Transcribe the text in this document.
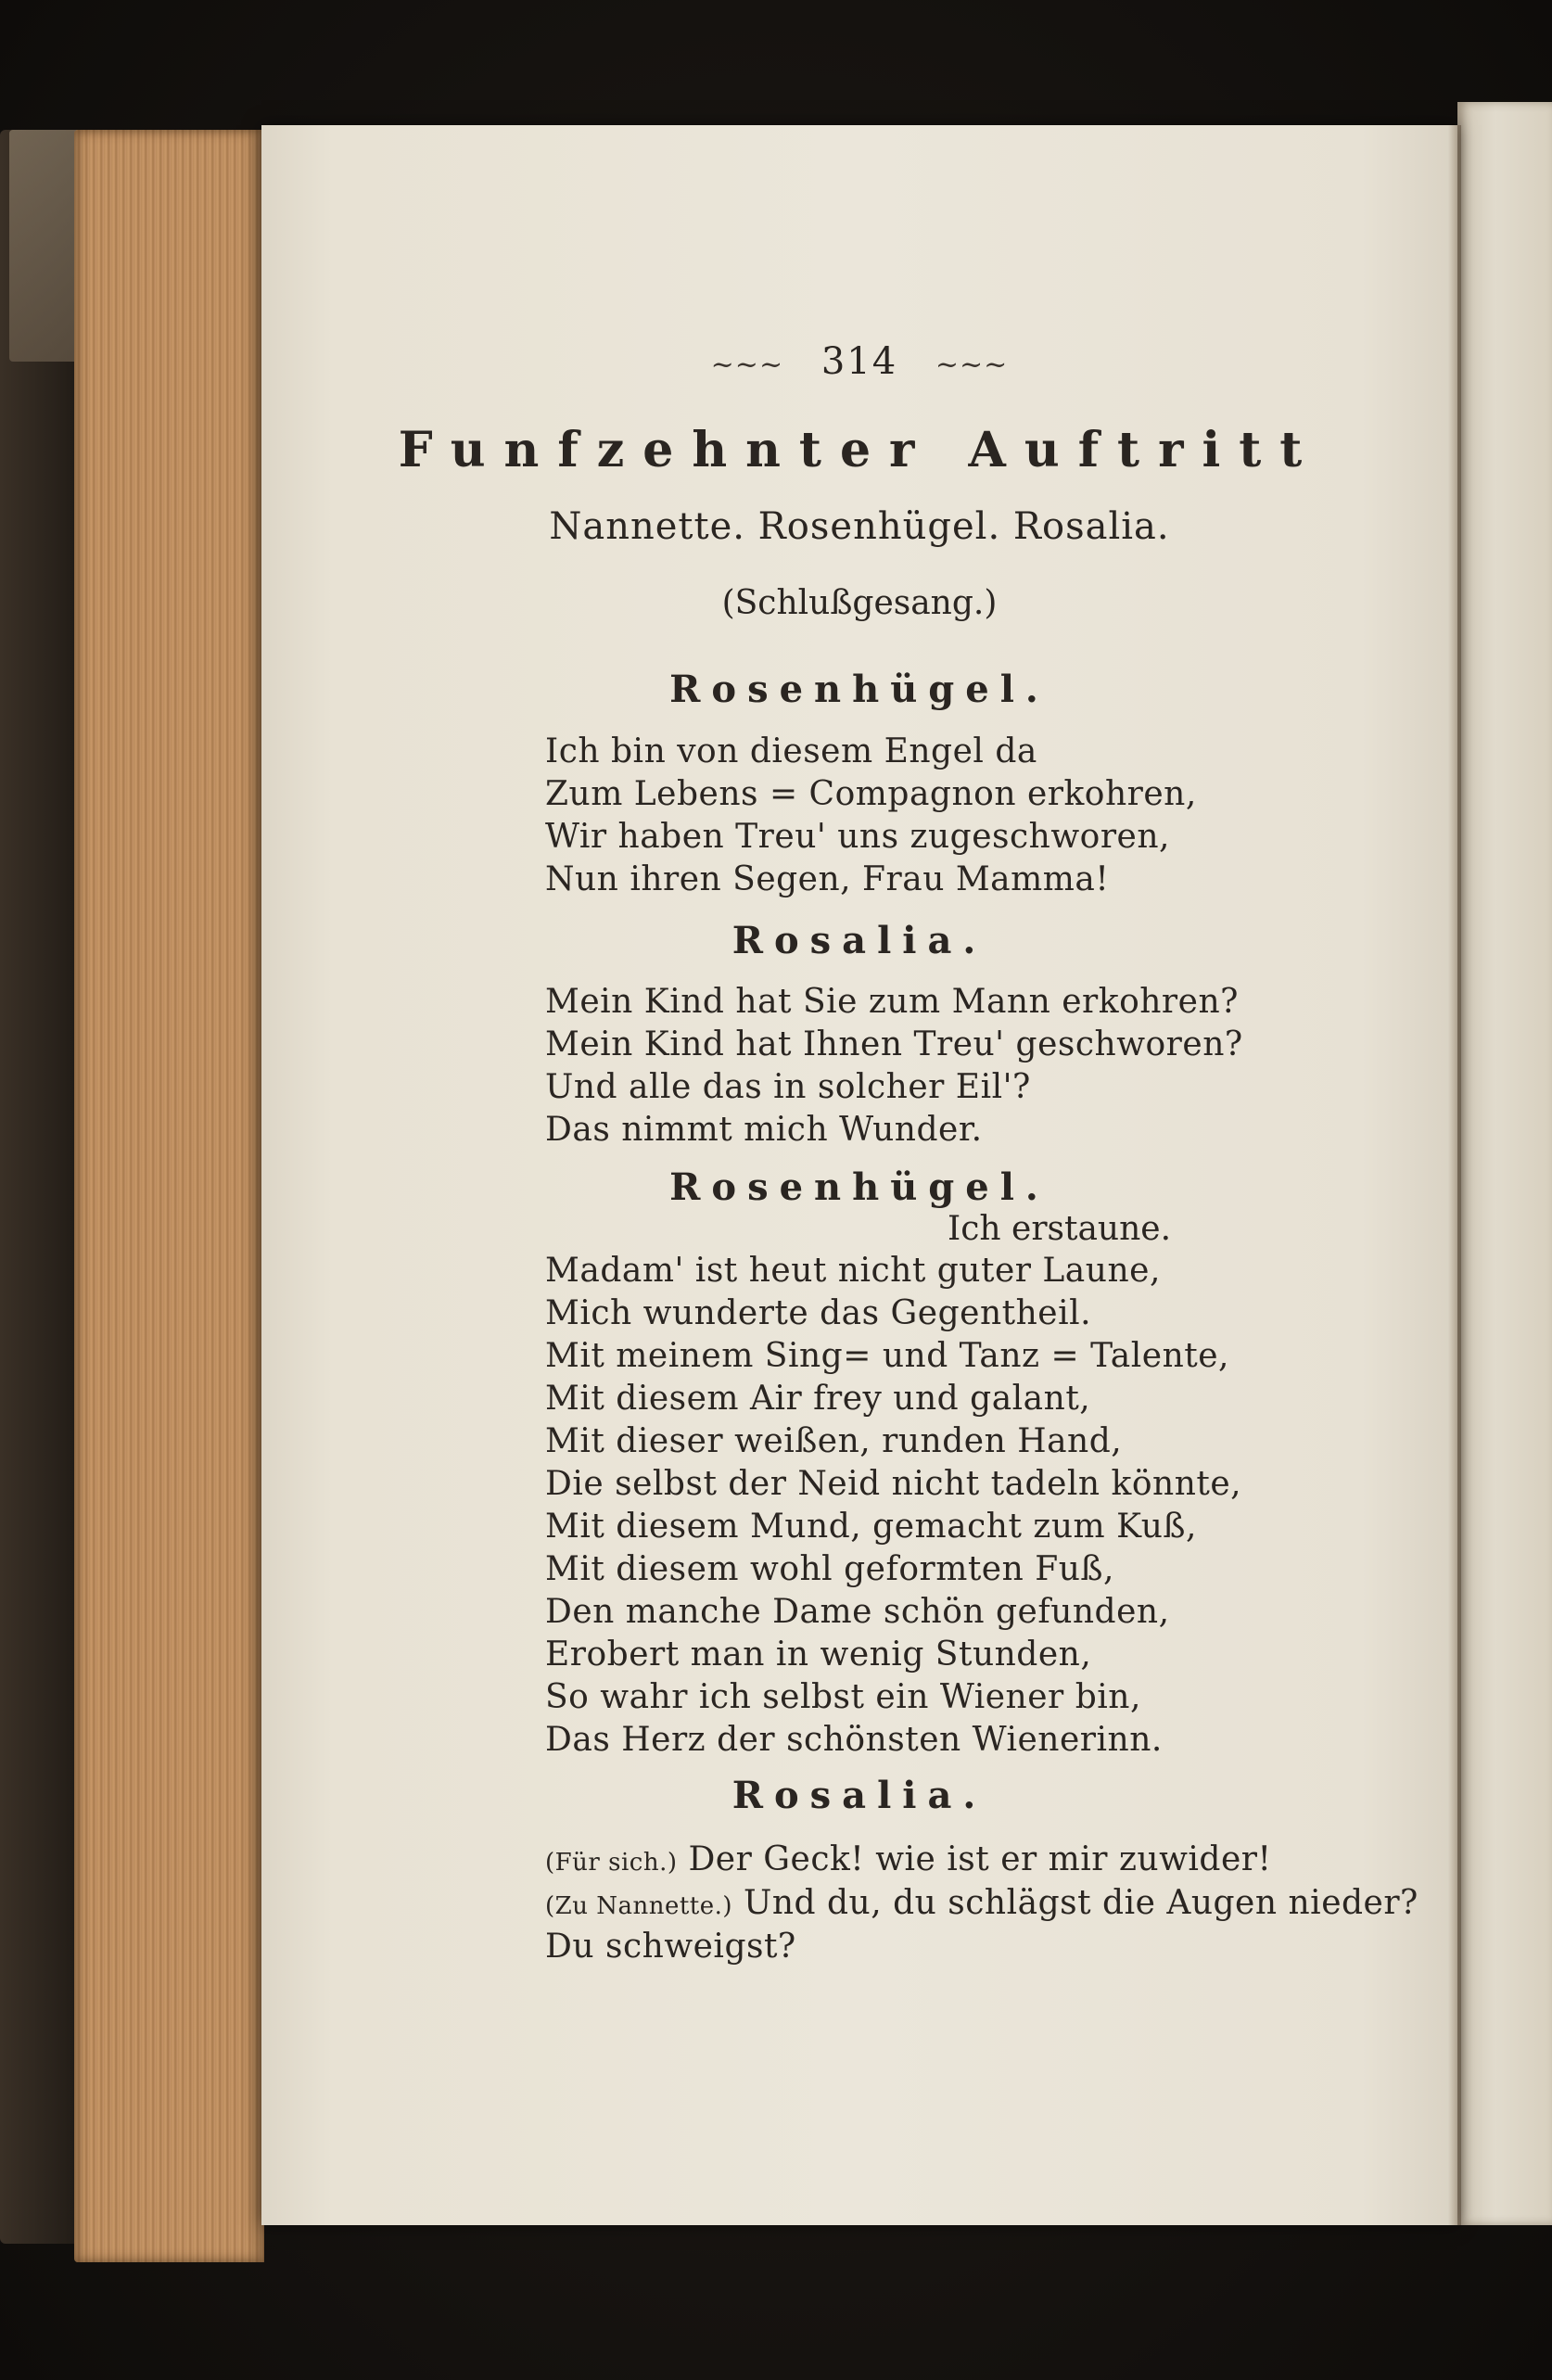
~~~ 314 ~~~
Funfzehnter Auftritt
Nannette. Rosenhügel. Rosalia.
(Schlußgesang.)
Rosenhügel.
Ich bin von diesem Engel da
Zum Lebens = Compagnon erkohren,
Wir haben Treu' uns zugeschworen,
Nun ihren Segen, Frau Mamma!
Rosalia.
Mein Kind hat Sie zum Mann erkohren?
Mein Kind hat Ihnen Treu' geschworen?
Und alle das in solcher Eil'?
Das nimmt mich Wunder.
Rosenhügel.
Ich erstaune.
Madam' ist heut nicht guter Laune,
Mich wunderte das Gegentheil.
Mit meinem Sing= und Tanz = Talente,
Mit diesem Air frey und galant,
Mit dieser weißen, runden Hand,
Die selbst der Neid nicht tadeln könnte,
Mit diesem Mund, gemacht zum Kuß,
Mit diesem wohl geformten Fuß,
Den manche Dame schön gefunden,
Erobert man in wenig Stunden,
So wahr ich selbst ein Wiener bin,
Das Herz der schönsten Wienerinn.
Rosalia.
(Für sich.) Der Geck! wie ist er mir zuwider!
(Zu Nannette.) Und du, du schlägst die Augen nieder?
Du schweigst?
